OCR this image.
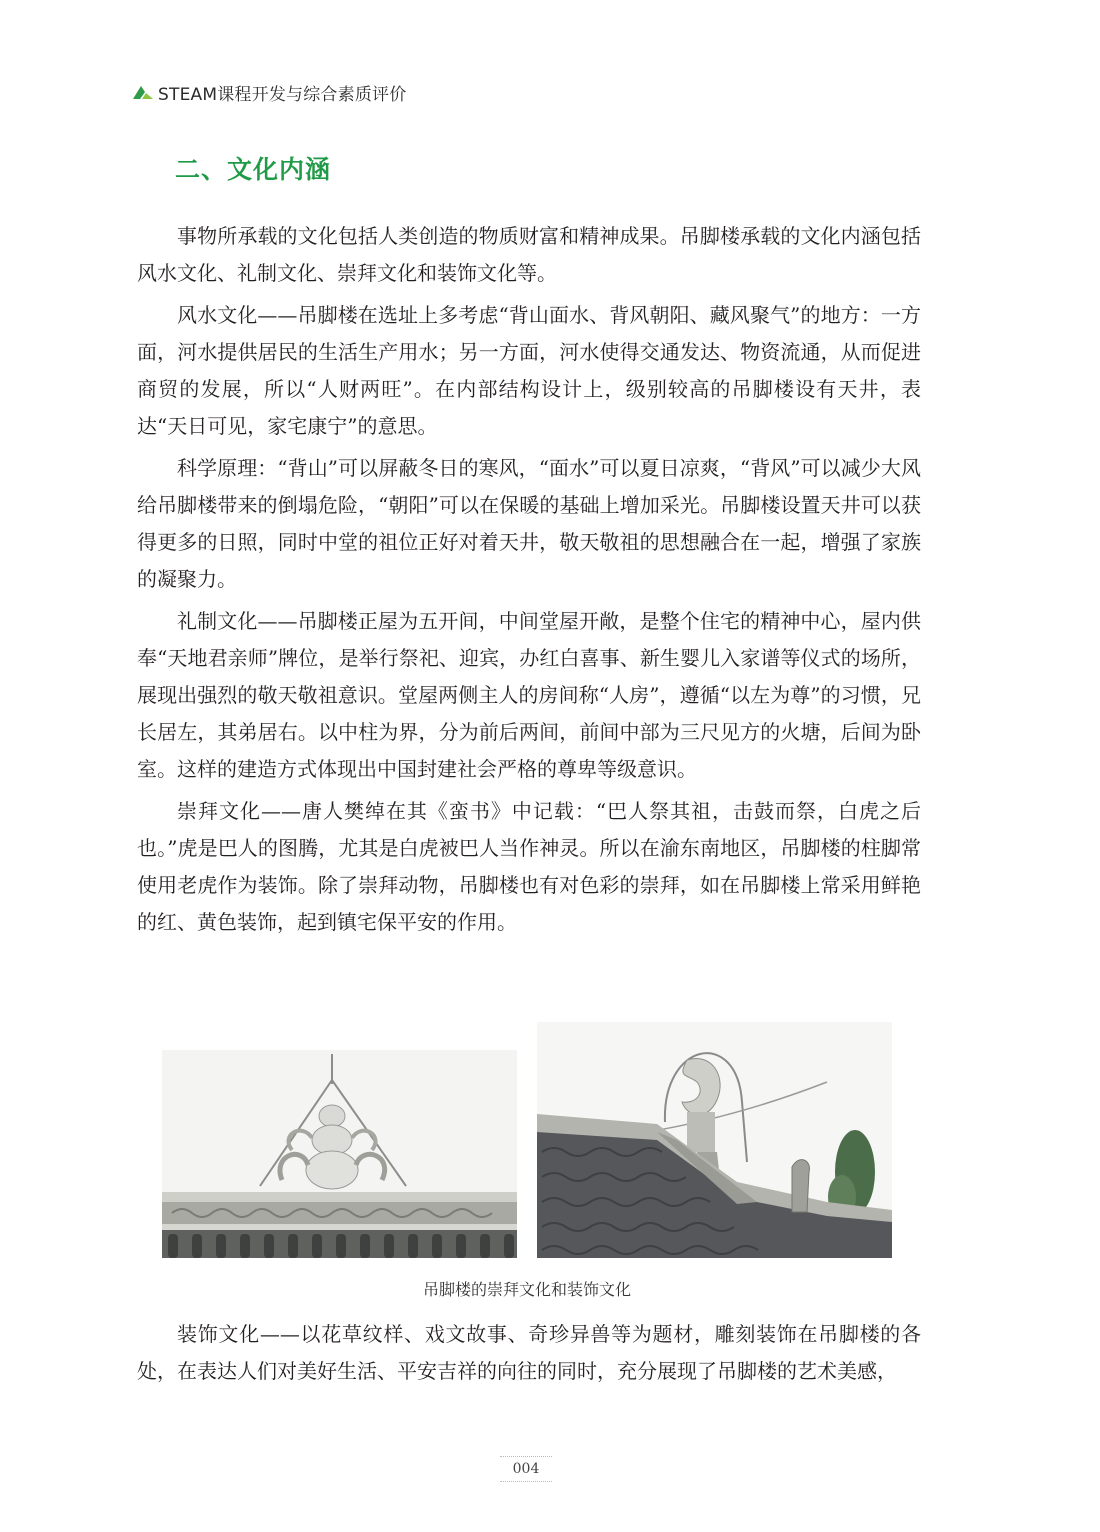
STEAM课程开发与综合素质评价
二、文化内涵

事物所承载的文化包括人类创造的物质财富和精神成果。吊脚楼承载的文化内涵包括风水文化、礼制文化、崇拜文化和装饰文化等。

风水文化——吊脚楼在选址上多考虑“背山面水、背风朝阳、藏风聚气”的地方：一方面，河水提供居民的生活生产用水；另一方面，河水使得交通发达、物资流通，从而促进商贸的发展，所以“人财两旺”。在内部结构设计上，级别较高的吊脚楼设有天井，表达“天日可见，家宅康宁”的意思。

科学原理：“背山”可以屏蔽冬日的寒风，“面水”可以夏日凉爽，“背风”可以减少大风给吊脚楼带来的倒塌危险，“朝阳”可以在保暖的基础上增加采光。吊脚楼设置天井可以获得更多的日照，同时中堂的祖位正好对着天井，敬天敬祖的思想融合在一起，增强了家族的凝聚力。

礼制文化——吊脚楼正屋为五开间，中间堂屋开敞，是整个住宅的精神中心，屋内供奉“天地君亲师”牌位，是举行祭祀、迎宾，办红白喜事、新生婴儿入家谱等仪式的场所，展现出强烈的敬天敬祖意识。堂屋两侧主人的房间称“人房”，遵循“以左为尊”的习惯，兄长居左，其弟居右。以中柱为界，分为前后两间，前间中部为三尺见方的火塘，后间为卧室。这样的建造方式体现出中国封建社会严格的尊卑等级意识。

崇拜文化——唐人樊绰在其《蛮书》中记载：“巴人祭其祖，击鼓而祭，白虎之后也。”虎是巴人的图腾，尤其是白虎被巴人当作神灵。所以在渝东南地区，吊脚楼的柱脚常使用老虎作为装饰。除了崇拜动物，吊脚楼也有对色彩的崇拜，如在吊脚楼上常采用鲜艳的红、黄色装饰，起到镇宅保平安的作用。

吊脚楼的崇拜文化和装饰文化

装饰文化——以花草纹样、戏文故事、奇珍异兽等为题材，雕刻装饰在吊脚楼的各处，在表达人们对美好生活、平安吉祥的向往的同时，充分展现了吊脚楼的艺术美感，

004
